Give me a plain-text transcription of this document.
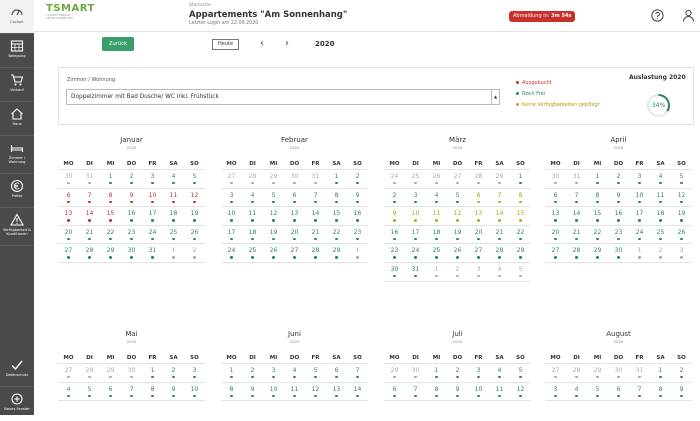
Cockpit
Belegung
Verkauf
Haus
Zimmer / Wohnung
Preise
Verfügbarkeit & Konditionen
Datenschutz
Neues Fenster
TSMART
TOURIST SERVICE
SMART MARKETING
Startseite
Appartements "Am Sonnenhang"
Letzter Login am 22.09.2020
Abmeldung in: 3m 54s
Zurück	Heute	‹ ›	2020
Zimmer / Wohnung
Doppelzimmer mit Bad Dusche/ WC inkl. Frühstück	▲

Ausgebucht
Noch Frei
Keine Verfügbarkeiten gepflegt
Auslastung 2020
34%
Januar
2020
MO	DI	MI	DO	FR	SA	SO
30	31	1	2	3	4	5
6	7	8	9	10	11	12
13	14	15	16	17	18	19
20	21	22	23	24	25	26
27	28	29	30	31	1	2
Februar
2020
MO	DI	MI	DO	FR	SA	SO
27	28	29	30	31	1	2
3	4	5	6	7	8	9
10	11	12	13	14	15	16
17	18	19	20	21	22	23
24	25	26	27	28	29	1
März
2020
MO	DI	MI	DO	FR	SA	SO
24	25	26	27	28	29	1
2	3	4	5	6	7	8
9	10	11	12	13	14	15
16	17	18	19	20	21	22
23	24	25	26	27	28	29
30	31	1	2	3	4	5
April
2020
MO	DI	MI	DO	FR	SA	SO
30	31	1	2	3	4	5
6	7	8	9	10	11	12
13	14	15	16	17	18	19
20	21	22	23	24	25	26
27	28	29	30	1	2	3
Mai
2020
MO	DI	MI	DO	FR	SA	SO
27	28	29	30	1	2	3
4	5	6	7	8	9	10
Juni
2020
MO	DI	MI	DO	FR	SA	SO
1	2	3	4	5	6	7
8	9	10	11	12	13	14
Juli
2020
MO	DI	MI	DO	FR	SA	SO
29	30	1	2	3	4	5
6	7	8	9	10	11	12
August
2020
MO	DI	MI	DO	FR	SA	SO
27	28	29	30	31	1	2
3	4	5	6	7	8	9
